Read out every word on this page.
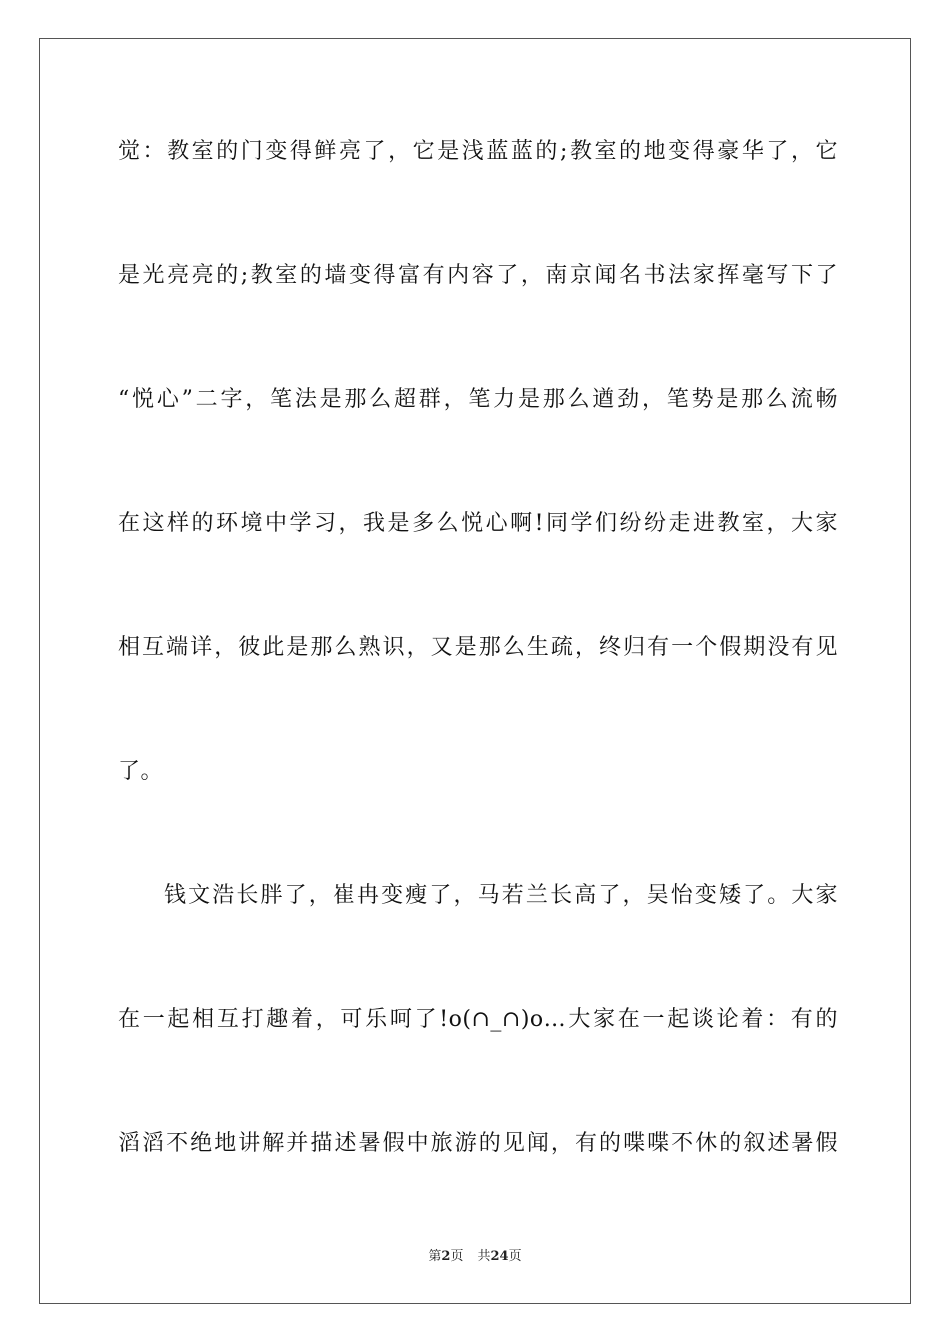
觉：教室的门变得鲜亮了，它是浅蓝蓝的;教室的地变得豪华了，它
是光亮亮的;教室的墙变得富有内容了，南京闻名书法家挥毫写下了
“悦心”二字，笔法是那么超群，笔力是那么遒劲，笔势是那么流畅
在这样的环境中学习，我是多么悦心啊!同学们纷纷走进教室，大家
相互端详，彼此是那么熟识，又是那么生疏，终归有一个假期没有见
了。
钱文浩长胖了，崔冉变瘦了，马若兰长高了，吴怡变矮了。大家
在一起相互打趣着，可乐呵了!o(∩_∩)o…大家在一起谈论着：有的
滔滔不绝地讲解并描述暑假中旅游的见闻，有的喋喋不休的叙述暑假
第2页 共24页
